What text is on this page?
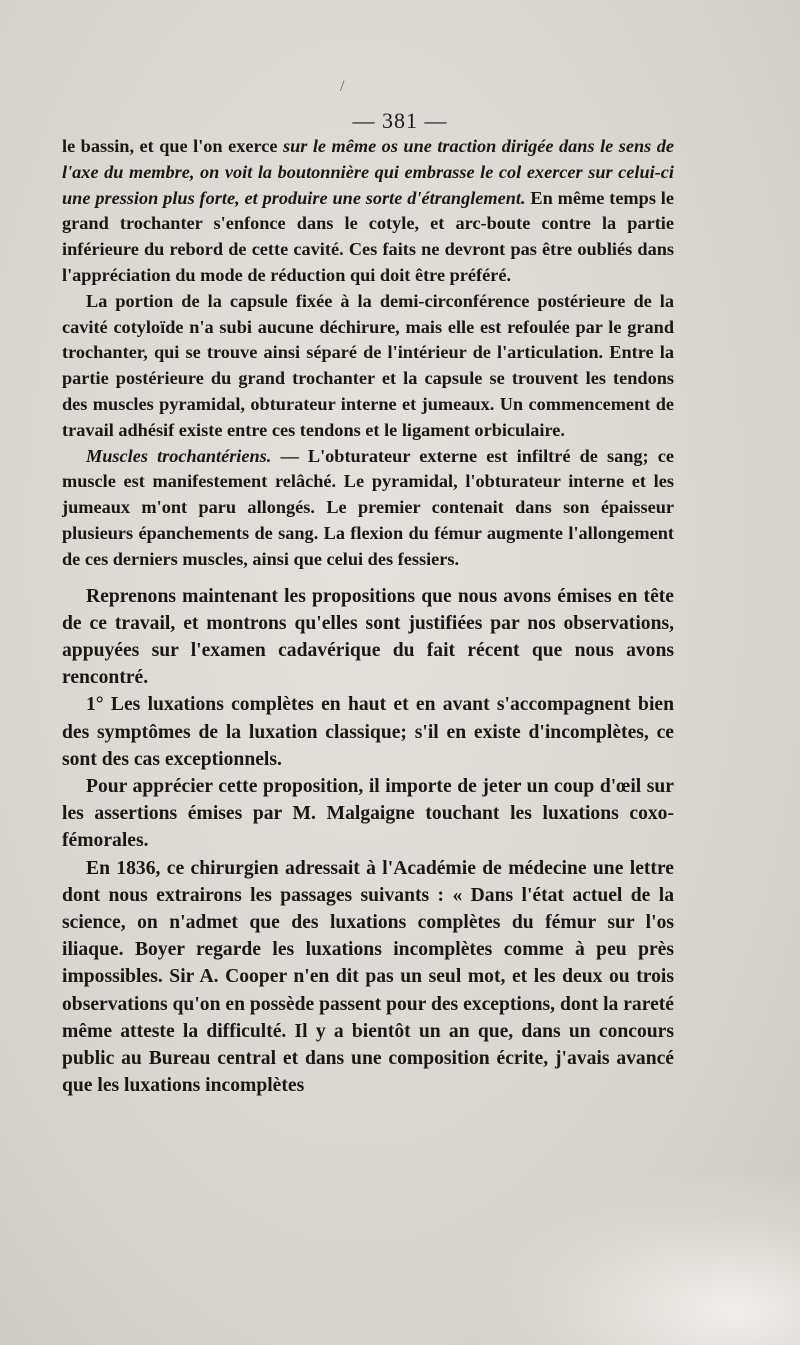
/
— 381 —

le bassin, et que l'on exerce sur le même os une traction dirigée dans le sens de l'axe du membre, on voit la boutonnière qui embrasse le col exercer sur celui-ci une pression plus forte, et produire une sorte d'étranglement. En même temps le grand trochanter s'enfonce dans le cotyle, et arc-boute contre la partie inférieure du rebord de cette cavité. Ces faits ne devront pas être oubliés dans l'appréciation du mode de réduction qui doit être préféré.

La portion de la capsule fixée à la demi-circonférence postérieure de la cavité cotyloïde n'a subi aucune déchirure, mais elle est refoulée par le grand trochanter, qui se trouve ainsi séparé de l'intérieur de l'articulation. Entre la partie postérieure du grand trochanter et la capsule se trouvent les tendons des muscles pyramidal, obturateur interne et jumeaux. Un commencement de travail adhésif existe entre ces tendons et le ligament orbiculaire.

Muscles trochantériens. — L'obturateur externe est infiltré de sang; ce muscle est manifestement relâché. Le pyramidal, l'obturateur interne et les jumeaux m'ont paru allongés. Le premier contenait dans son épaisseur plusieurs épanchements de sang. La flexion du fémur augmente l'allongement de ces derniers muscles, ainsi que celui des fessiers.

Reprenons maintenant les propositions que nous avons émises en tête de ce travail, et montrons qu'elles sont justifiées par nos observations, appuyées sur l'examen cadavérique du fait récent que nous avons rencontré.

1° Les luxations complètes en haut et en avant s'accompagnent bien des symptômes de la luxation classique; s'il en existe d'incomplètes, ce sont des cas exceptionnels.

Pour apprécier cette proposition, il importe de jeter un coup d'œil sur les assertions émises par M. Malgaigne touchant les luxations coxo-fémorales.

En 1836, ce chirurgien adressait à l'Académie de médecine une lettre dont nous extrairons les passages suivants : « Dans l'état actuel de la science, on n'admet que des luxations complètes du fémur sur l'os iliaque. Boyer regarde les luxations incomplètes comme à peu près impossibles. Sir A. Cooper n'en dit pas un seul mot, et les deux ou trois observations qu'on en possède passent pour des exceptions, dont la rareté même atteste la difficulté. Il y a bientôt un an que, dans un concours public au Bureau central et dans une composition écrite, j'avais avancé que les luxations incomplètes
